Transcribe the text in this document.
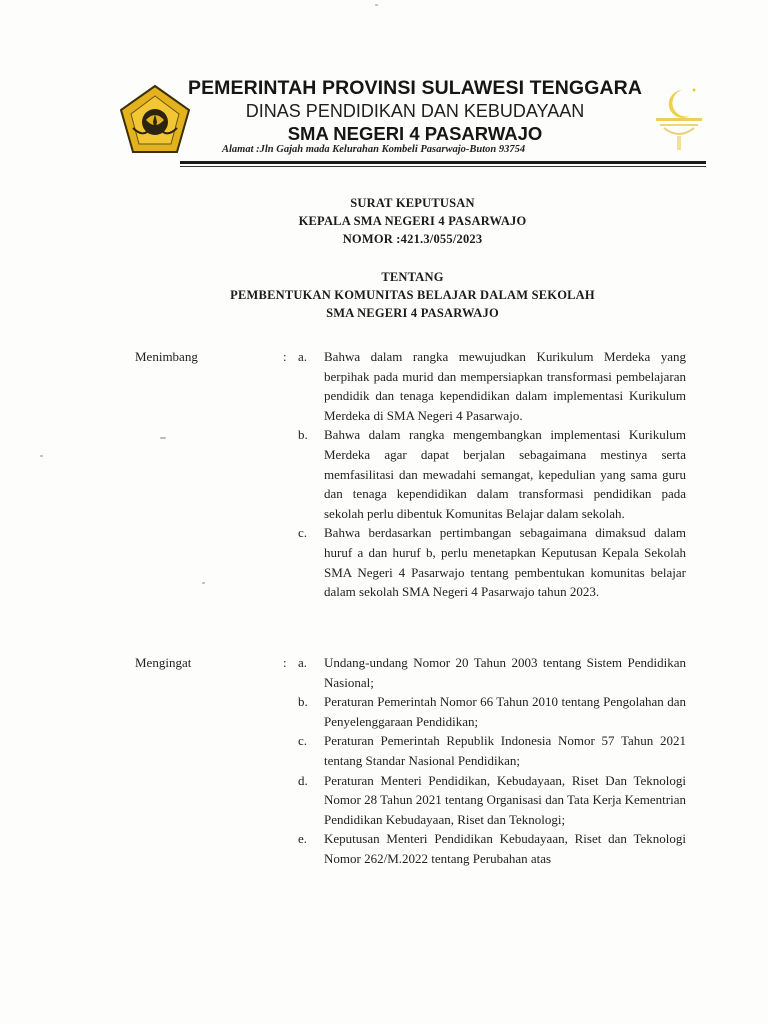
PEMERINTAH PROVINSI SULAWESI TENGGARA
DINAS PENDIDIKAN DAN KEBUDAYAAN
SMA NEGERI 4 PASARWAJO
Alamat :Jln Gajah mada Kelurahan Kombeli Pasarwajo-Buton 93754
SURAT KEPUTUSAN
KEPALA SMA NEGERI 4 PASARWAJO
NOMOR :421.3/055/2023
TENTANG
PEMBENTUKAN KOMUNITAS BELAJAR DALAM SEKOLAH
SMA NEGERI 4 PASARWAJO
Menimbang	: a. Bahwa dalam rangka mewujudkan Kurikulum Merdeka yang berpihak pada murid dan mempersiapkan transformasi pembelajaran pendidik dan tenaga kependidikan dalam implementasi Kurikulum Merdeka di SMA Negeri 4 Pasarwajo.
b. Bahwa dalam rangka mengembangkan implementasi Kurikulum Merdeka agar dapat berjalan sebagaimana mestinya serta memfasilitasi dan mewadahi semangat, kepedulian yang sama guru dan tenaga kependidikan dalam transformasi pendidikan pada sekolah perlu dibentuk Komunitas Belajar dalam sekolah.
c. Bahwa berdasarkan pertimbangan sebagaimana dimaksud dalam huruf a dan huruf b, perlu menetapkan Keputusan Kepala Sekolah SMA Negeri 4 Pasarwajo tentang pembentukan komunitas belajar dalam sekolah SMA Negeri 4 Pasarwajo tahun 2023.
Mengingat	: a. Undang-undang Nomor 20 Tahun 2003 tentang Sistem Pendidikan Nasional;
b. Peraturan Pemerintah Nomor 66 Tahun 2010 tentang Pengolahan dan Penyelenggaraan Pendidikan;
c. Peraturan Pemerintah Republik Indonesia Nomor 57 Tahun 2021 tentang Standar Nasional Pendidikan;
d. Peraturan Menteri Pendidikan, Kebudayaan, Riset Dan Teknologi Nomor 28 Tahun 2021 tentang Organisasi dan Tata Kerja Kementrian Pendidikan Kebudayaan, Riset dan Teknologi;
e. Keputusan Menteri Pendidikan Kebudayaan, Riset dan Teknologi Nomor 262/M.2022 tentang Perubahan atas
